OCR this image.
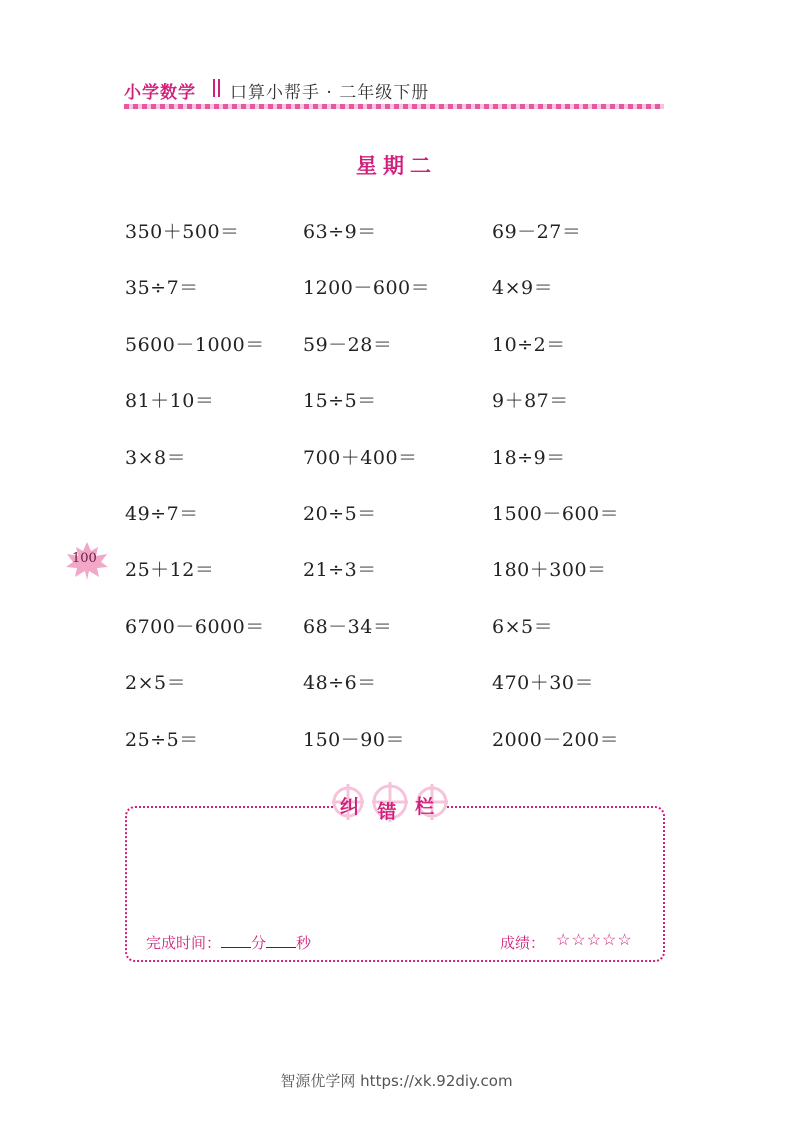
小学数学 口算小帮手 · 二年级下册
星期二
350＋500＝	63÷9＝	69－27＝
35÷7＝	1200－600＝	4×9＝
5600－1000＝ 59－28＝	10÷2＝
81＋10＝	15÷5＝	9＋87＝
3×8＝	700＋400＝	18÷9＝
49÷7＝	20÷5＝	1500－600＝
25＋12＝	21÷3＝	180＋300＝
6700－6000＝ 68－34＝	6×5＝
2×5＝	48÷6＝	470＋30＝
25÷5＝	150－90＝	2000－200＝
100
纠 错 栏
完成时间： 分 秒	成绩： ☆☆☆☆☆
智源优学网 https://xk.92diy.com
